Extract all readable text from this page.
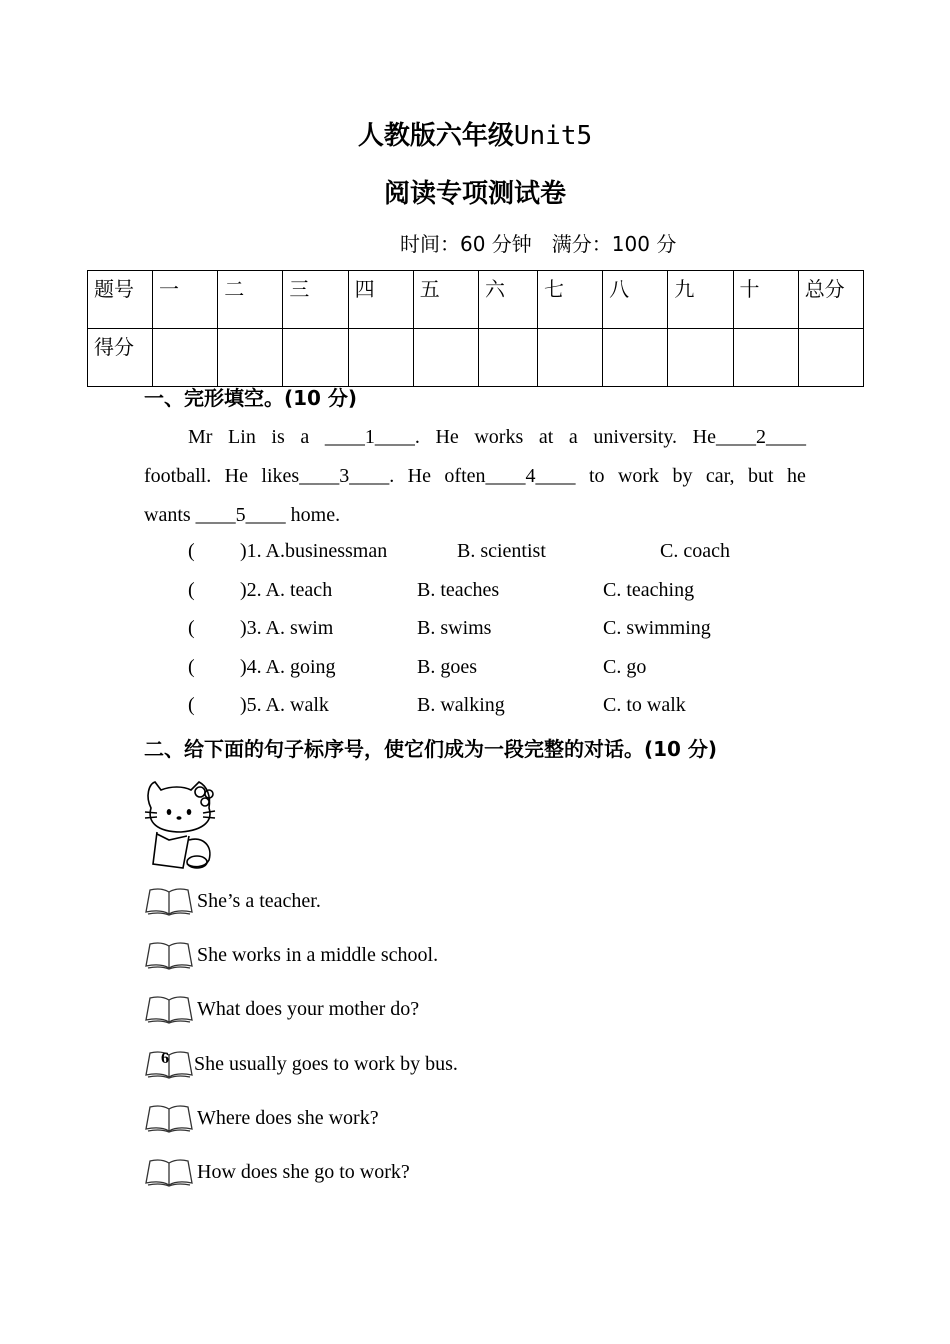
人教版六年级Unit5
阅读专项测试卷
时间：60 分钟　满分：100 分
题号	一	二	三	四	五	六	七	八	九	十	总分
得分											
一、完形填空。(10 分)
Mr Lin is a ____1____. He works at a university. He____2____
football. He likes____3____. He often____4____ to work by car, but he
wants ____5____ home.
( )1. A.businessman	B. scientist	C. coach
( )2. A. teach	B. teaches	C. teaching
( )3. A. swim	B. swims	C. swimming
( )4. A. going	B. goes	C. go
( )5. A. walk	B. walking	C. to walk
二、给下面的句子标序号，使它们成为一段完整的对话。(10 分)
She’s a teacher.
She works in a middle school.
What does your mother do?
6 She usually goes to work by bus.
Where does she work?
How does she go to work?
